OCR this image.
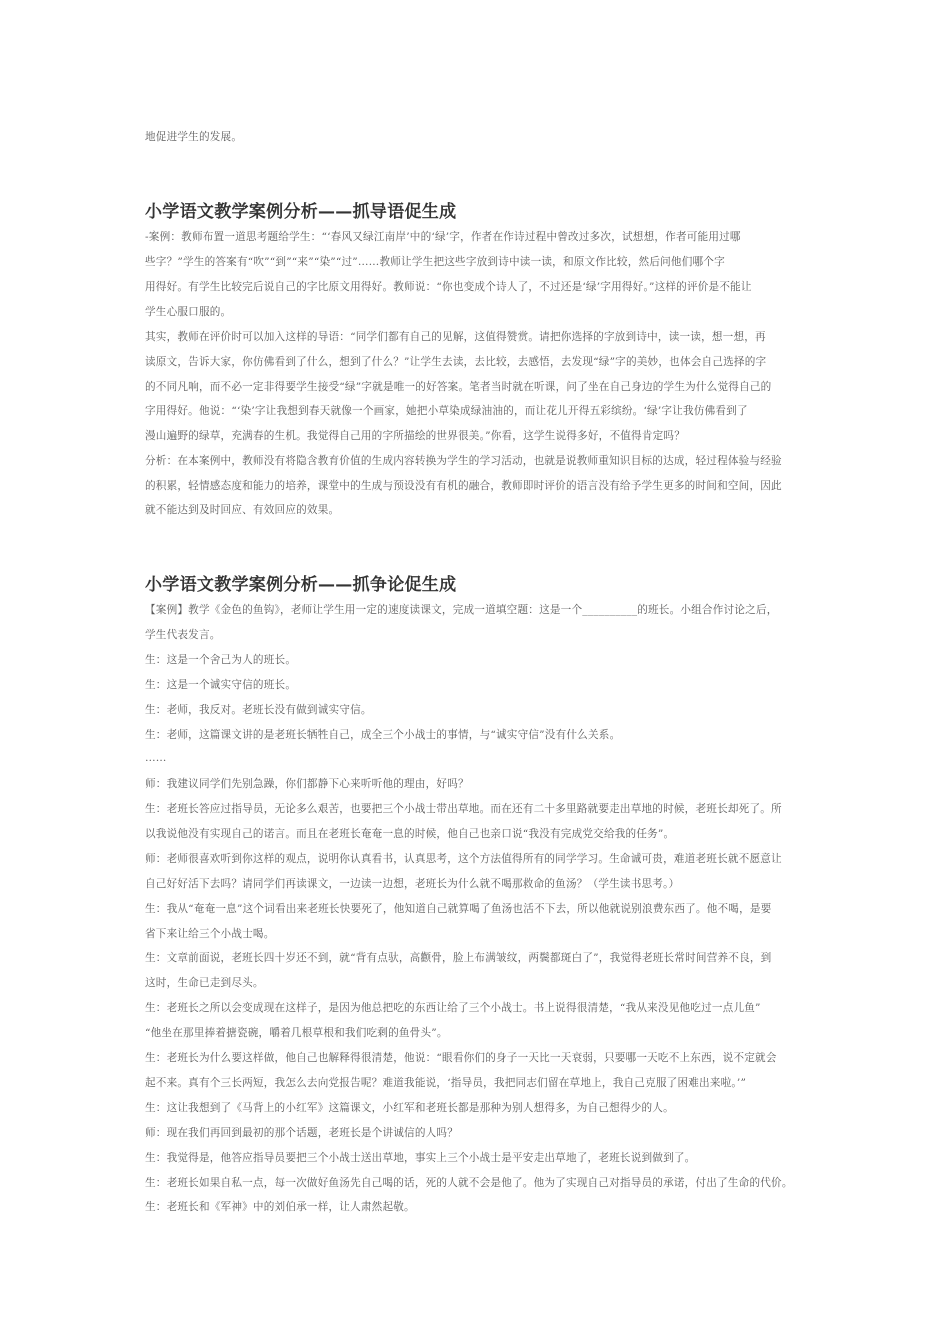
地促进学生的发展。
小学语文教学案例分析——抓导语促生成
-案例：教师布置一道思考题给学生：“‘春风又绿江南岸’中的‘绿’字，作者在作诗过程中曾改过多次，试想想，作者可能用过哪
些字？”学生的答案有“吹”“到”“来”“染”“过”……教师让学生把这些字放到诗中读一读，和原文作比较，然后问他们哪个字
用得好。有学生比较完后说自己的字比原文用得好。教师说：“你也变成个诗人了，不过还是‘绿’字用得好。”这样的评价是不能让
学生心服口服的。
其实，教师在评价时可以加入这样的导语：“同学们都有自己的见解，这值得赞赏。请把你选择的字放到诗中，读一读，想一想，再
读原文，告诉大家，你仿佛看到了什么，想到了什么？”让学生去读，去比较，去感悟，去发现“绿”字的美妙，也体会自己选择的字
的不同凡响，而不必一定非得要学生接受“绿”字就是唯一的好答案。笔者当时就在听课，问了坐在自己身边的学生为什么觉得自己的
字用得好。他说：“‘染’字让我想到春天就像一个画家，她把小草染成绿油油的，而让花儿开得五彩缤纷。‘绿’字让我仿佛看到了
漫山遍野的绿草，充满春的生机。我觉得自己用的字所描绘的世界很美。”你看，这学生说得多好，不值得肯定吗？
分析：在本案例中，教师没有将隐含教育价值的生成内容转换为学生的学习活动，也就是说教师重知识目标的达成，轻过程体验与经验
的积累，轻情感态度和能力的培养，课堂中的生成与预设没有有机的融合，教师即时评价的语言没有给予学生更多的时间和空间，因此
就不能达到及时回应、有效回应的效果。
小学语文教学案例分析——抓争论促生成
【案例】教学《金色的鱼钩》，老师让学生用一定的速度读课文，完成一道填空题：这是一个__________的班长。小组合作讨论之后，
学生代表发言。
生：这是一个舍己为人的班长。
生：这是一个诚实守信的班长。
生：老师，我反对。老班长没有做到诚实守信。
生：老师，这篇课文讲的是老班长牺牲自己，成全三个小战士的事情，与“诚实守信”没有什么关系。
……
师：我建议同学们先别急躁，你们都静下心来听听他的理由，好吗？
生：老班长答应过指导员，无论多么艰苦，也要把三个小战士带出草地。而在还有二十多里路就要走出草地的时候，老班长却死了。所
以我说他没有实现自己的诺言。而且在老班长奄奄一息的时候，他自己也亲口说“我没有完成党交给我的任务”。
师：老师很喜欢听到你这样的观点，说明你认真看书，认真思考，这个方法值得所有的同学学习。生命诚可贵，难道老班长就不愿意让
自己好好活下去吗？请同学们再读课文，一边读一边想，老班长为什么就不喝那救命的鱼汤？（学生读书思考。）
生：我从“奄奄一息”这个词看出来老班长快要死了，他知道自己就算喝了鱼汤也活不下去，所以他就说别浪费东西了。他不喝，是要
省下来让给三个小战士喝。
生：文章前面说，老班长四十岁还不到，就“背有点驮，高颧骨，脸上布满皱纹，两鬓都斑白了”，我觉得老班长常时间营养不良，到
这时，生命已走到尽头。
生：老班长之所以会变成现在这样子，是因为他总把吃的东西让给了三个小战士。书上说得很清楚，“我从来没见他吃过一点儿鱼”
“他坐在那里捧着搪瓷碗，嚼着几根草根和我们吃剩的鱼骨头”。
生：老班长为什么要这样做，他自己也解释得很清楚，他说：“眼看你们的身子一天比一天衰弱，只要哪一天吃不上东西，说不定就会
起不来。真有个三长两短，我怎么去向党报告呢？难道我能说，‘指导员，我把同志们留在草地上，我自己克服了困难出来啦。’”
生：这让我想到了《马背上的小红军》这篇课文，小红军和老班长都是那种为别人想得多，为自己想得少的人。
师：现在我们再回到最初的那个话题，老班长是个讲诚信的人吗？
生：我觉得是，他答应指导员要把三个小战士送出草地，事实上三个小战士是平安走出草地了，老班长说到做到了。
生：老班长如果自私一点，每一次做好鱼汤先自己喝的话，死的人就不会是他了。他为了实现自己对指导员的承诺，付出了生命的代价。
生：老班长和《军神》中的刘伯承一样，让人肃然起敬。
